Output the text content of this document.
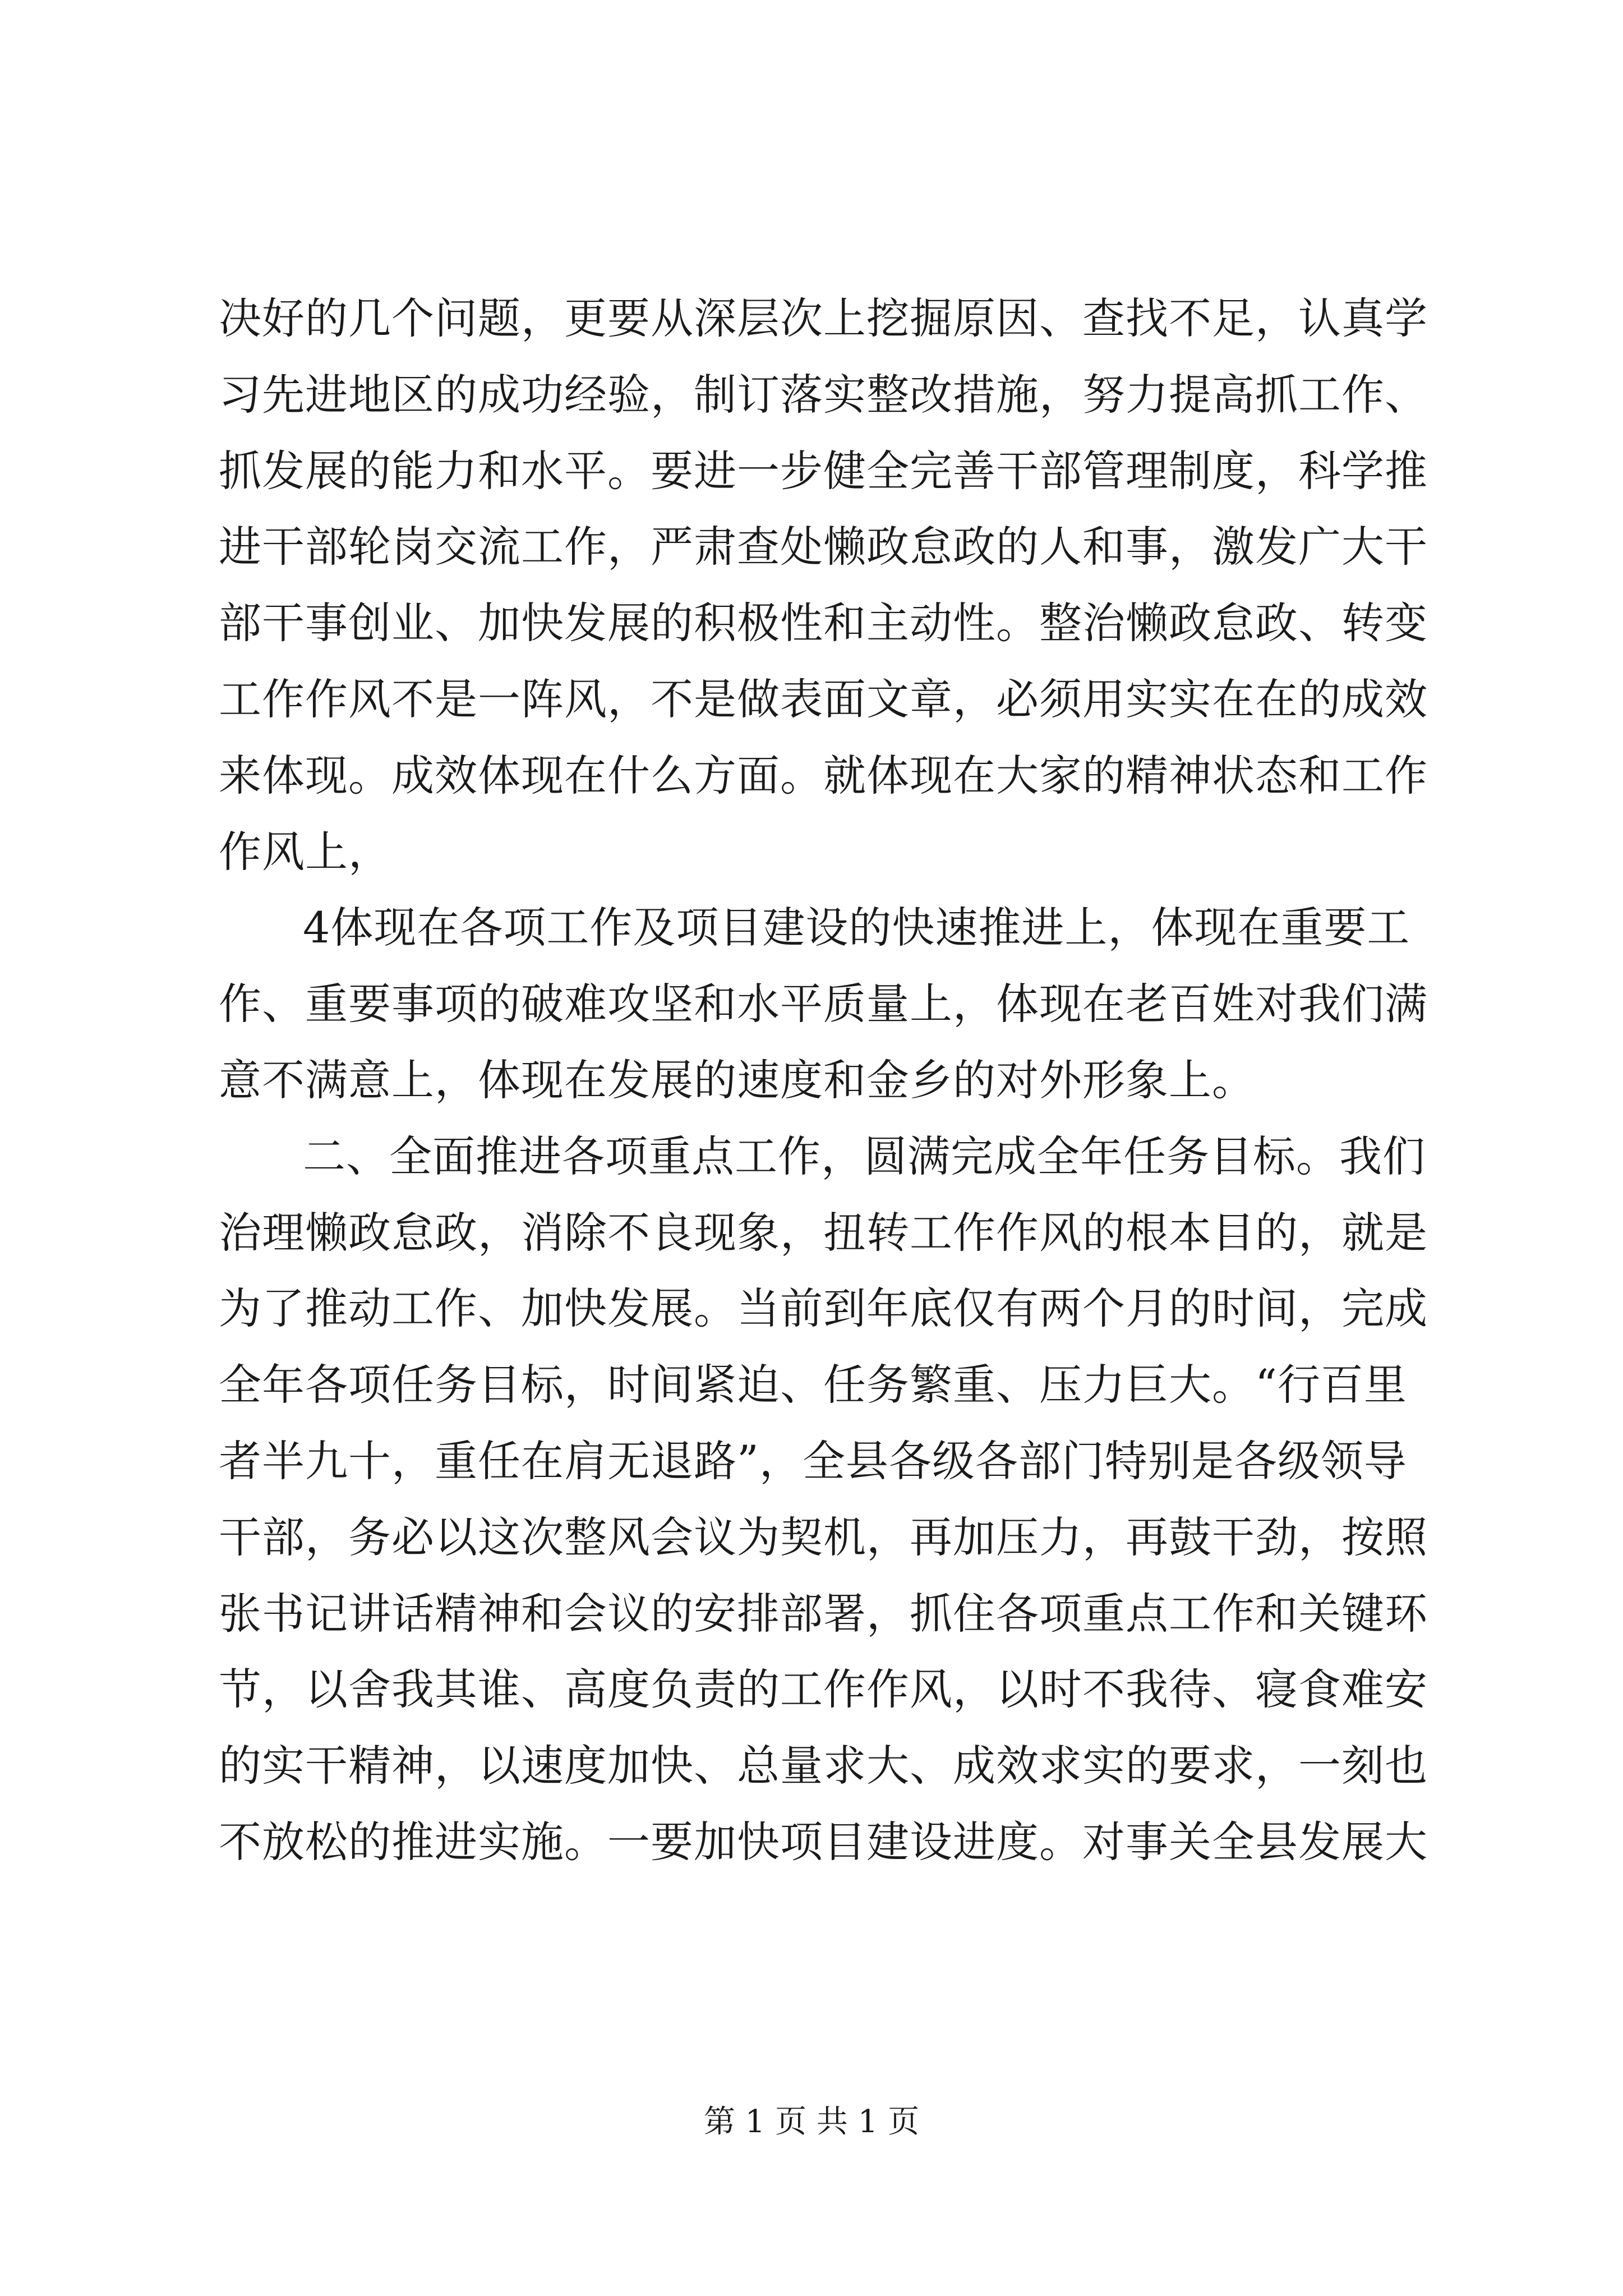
决好的几个问题，更要从深层次上挖掘原因、查找不足，认真学
习先进地区的成功经验，制订落实整改措施，努力提高抓工作、
抓发展的能力和水平。要进一步健全完善干部管理制度，科学推
进干部轮岗交流工作，严肃查处懒政怠政的人和事，激发广大干
部干事创业、加快发展的积极性和主动性。整治懒政怠政、转变
工作作风不是一阵风，不是做表面文章，必须用实实在在的成效
来体现。成效体现在什么方面。就体现在大家的精神状态和工作
作风上，
4体现在各项工作及项目建设的快速推进上，体现在重要工
作、重要事项的破难攻坚和水平质量上，体现在老百姓对我们满
意不满意上，体现在发展的速度和金乡的对外形象上。
二、全面推进各项重点工作，圆满完成全年任务目标。我们
治理懒政怠政，消除不良现象，扭转工作作风的根本目的，就是
为了推动工作、加快发展。当前到年底仅有两个月的时间，完成
全年各项任务目标，时间紧迫、任务繁重、压力巨大。“行百里
者半九十，重任在肩无退路”，全县各级各部门特别是各级领导
干部，务必以这次整风会议为契机，再加压力，再鼓干劲，按照
张书记讲话精神和会议的安排部署，抓住各项重点工作和关键环
节，以舍我其谁、高度负责的工作作风，以时不我待、寝食难安
的实干精神，以速度加快、总量求大、成效求实的要求，一刻也
不放松的推进实施。一要加快项目建设进度。对事关全县发展大
第 1 页 共 1 页
